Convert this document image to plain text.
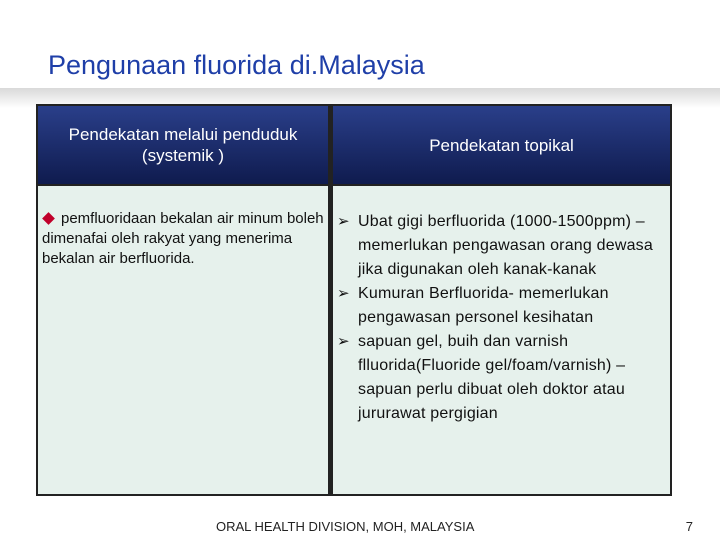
Pengunaan fluorida di.Malaysia
Pendekatan melalui penduduk (systemik )
Pendekatan topikal
pemfluoridaan bekalan air minum boleh dimenafai oleh rakyat yang menerima bekalan air berfluorida.
➢ Ubat gigi berfluorida (1000-1500ppm) – memerlukan pengawasan orang dewasa jika digunakan oleh kanak-kanak
➢ Kumuran Berfluorida- memerlukan pengawasan personel kesihatan
➢ sapuan gel, buih dan varnish flluorida(Fluoride gel/foam/varnish) – sapuan perlu dibuat oleh doktor atau jururawat pergigian
ORAL HEALTH DIVISION, MOH, MALAYSIA	7
